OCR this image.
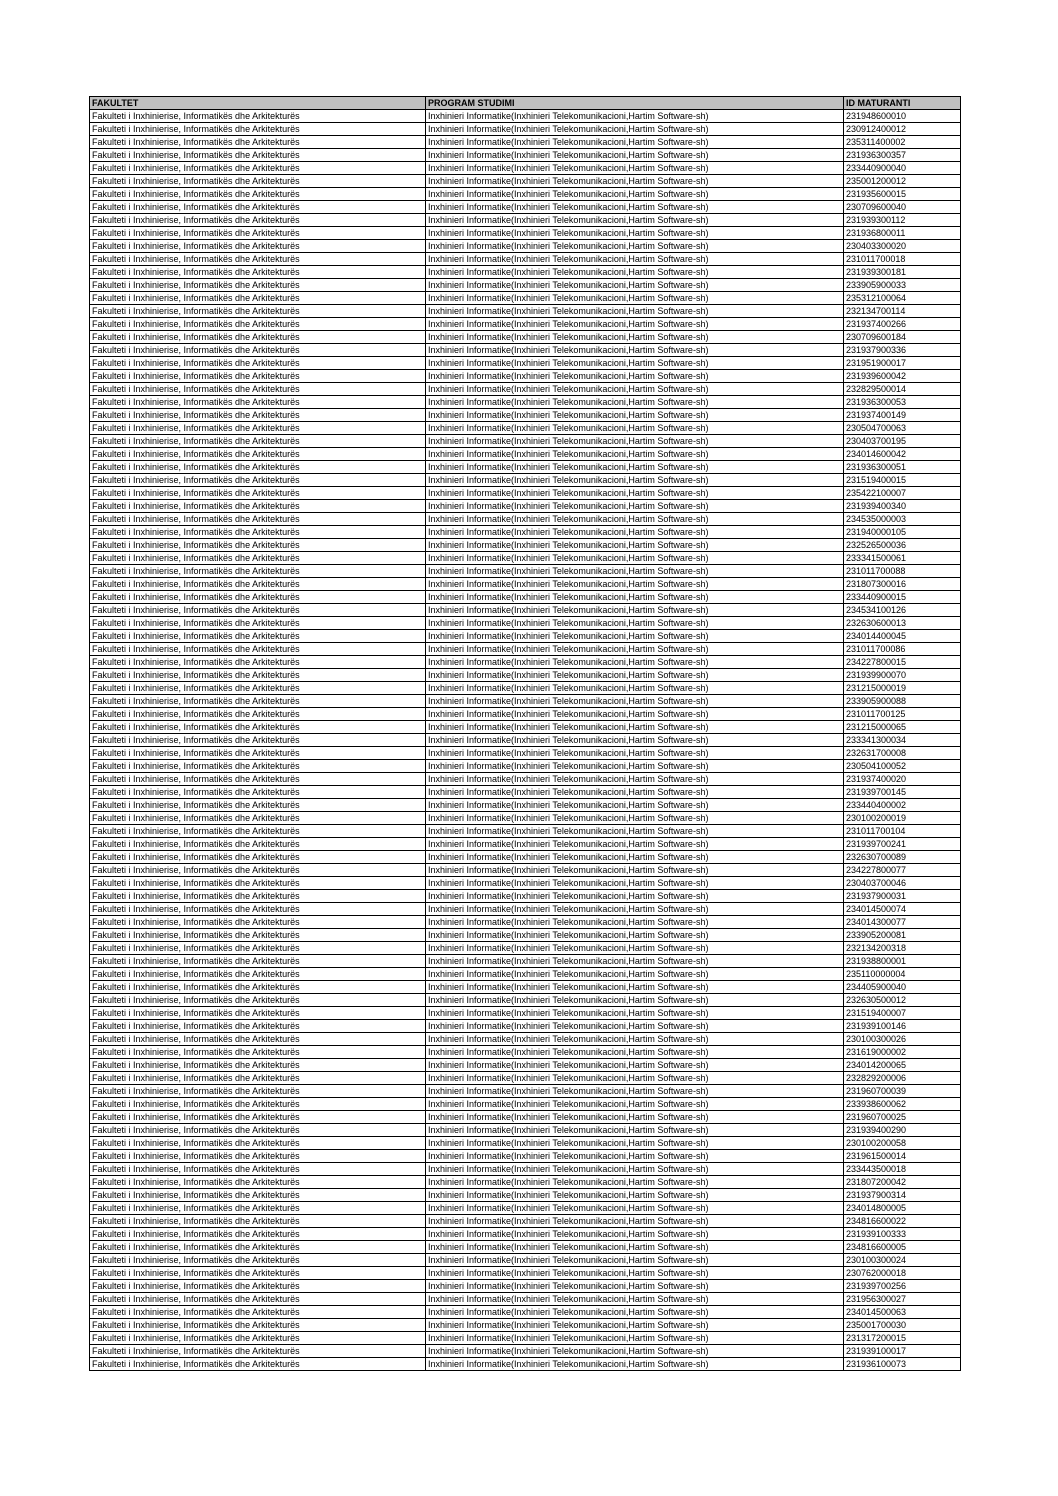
FAKULTET	PROGRAM STUDIMI	ID MATURANTI
Fakulteti i Inxhinierise, Informatikës dhe Arkitekturës	Inxhinieri Informatike(Inxhinieri Telekomunikacioni,Hartim Software-sh)	231948600010
Fakulteti i Inxhinierise, Informatikës dhe Arkitekturës	Inxhinieri Informatike(Inxhinieri Telekomunikacioni,Hartim Software-sh)	230912400012
Fakulteti i Inxhinierise, Informatikës dhe Arkitekturës	Inxhinieri Informatike(Inxhinieri Telekomunikacioni,Hartim Software-sh)	235311400002
Fakulteti i Inxhinierise, Informatikës dhe Arkitekturës	Inxhinieri Informatike(Inxhinieri Telekomunikacioni,Hartim Software-sh)	231936300357
Fakulteti i Inxhinierise, Informatikës dhe Arkitekturës	Inxhinieri Informatike(Inxhinieri Telekomunikacioni,Hartim Software-sh)	233440900040
Fakulteti i Inxhinierise, Informatikës dhe Arkitekturës	Inxhinieri Informatike(Inxhinieri Telekomunikacioni,Hartim Software-sh)	235001200012
Fakulteti i Inxhinierise, Informatikës dhe Arkitekturës	Inxhinieri Informatike(Inxhinieri Telekomunikacioni,Hartim Software-sh)	231935600015
Fakulteti i Inxhinierise, Informatikës dhe Arkitekturës	Inxhinieri Informatike(Inxhinieri Telekomunikacioni,Hartim Software-sh)	230709600040
Fakulteti i Inxhinierise, Informatikës dhe Arkitekturës	Inxhinieri Informatike(Inxhinieri Telekomunikacioni,Hartim Software-sh)	231939300112
Fakulteti i Inxhinierise, Informatikës dhe Arkitekturës	Inxhinieri Informatike(Inxhinieri Telekomunikacioni,Hartim Software-sh)	231936800011
Fakulteti i Inxhinierise, Informatikës dhe Arkitekturës	Inxhinieri Informatike(Inxhinieri Telekomunikacioni,Hartim Software-sh)	230403300020
Fakulteti i Inxhinierise, Informatikës dhe Arkitekturës	Inxhinieri Informatike(Inxhinieri Telekomunikacioni,Hartim Software-sh)	231011700018
Fakulteti i Inxhinierise, Informatikës dhe Arkitekturës	Inxhinieri Informatike(Inxhinieri Telekomunikacioni,Hartim Software-sh)	231939300181
Fakulteti i Inxhinierise, Informatikës dhe Arkitekturës	Inxhinieri Informatike(Inxhinieri Telekomunikacioni,Hartim Software-sh)	233905900033
Fakulteti i Inxhinierise, Informatikës dhe Arkitekturës	Inxhinieri Informatike(Inxhinieri Telekomunikacioni,Hartim Software-sh)	235312100064
Fakulteti i Inxhinierise, Informatikës dhe Arkitekturës	Inxhinieri Informatike(Inxhinieri Telekomunikacioni,Hartim Software-sh)	232134700114
Fakulteti i Inxhinierise, Informatikës dhe Arkitekturës	Inxhinieri Informatike(Inxhinieri Telekomunikacioni,Hartim Software-sh)	231937400266
Fakulteti i Inxhinierise, Informatikës dhe Arkitekturës	Inxhinieri Informatike(Inxhinieri Telekomunikacioni,Hartim Software-sh)	230709600184
Fakulteti i Inxhinierise, Informatikës dhe Arkitekturës	Inxhinieri Informatike(Inxhinieri Telekomunikacioni,Hartim Software-sh)	231937900336
Fakulteti i Inxhinierise, Informatikës dhe Arkitekturës	Inxhinieri Informatike(Inxhinieri Telekomunikacioni,Hartim Software-sh)	231951900017
Fakulteti i Inxhinierise, Informatikës dhe Arkitekturës	Inxhinieri Informatike(Inxhinieri Telekomunikacioni,Hartim Software-sh)	231939600042
Fakulteti i Inxhinierise, Informatikës dhe Arkitekturës	Inxhinieri Informatike(Inxhinieri Telekomunikacioni,Hartim Software-sh)	232829500014
Fakulteti i Inxhinierise, Informatikës dhe Arkitekturës	Inxhinieri Informatike(Inxhinieri Telekomunikacioni,Hartim Software-sh)	231936300053
Fakulteti i Inxhinierise, Informatikës dhe Arkitekturës	Inxhinieri Informatike(Inxhinieri Telekomunikacioni,Hartim Software-sh)	231937400149
Fakulteti i Inxhinierise, Informatikës dhe Arkitekturës	Inxhinieri Informatike(Inxhinieri Telekomunikacioni,Hartim Software-sh)	230504700063
Fakulteti i Inxhinierise, Informatikës dhe Arkitekturës	Inxhinieri Informatike(Inxhinieri Telekomunikacioni,Hartim Software-sh)	230403700195
Fakulteti i Inxhinierise, Informatikës dhe Arkitekturës	Inxhinieri Informatike(Inxhinieri Telekomunikacioni,Hartim Software-sh)	234014600042
Fakulteti i Inxhinierise, Informatikës dhe Arkitekturës	Inxhinieri Informatike(Inxhinieri Telekomunikacioni,Hartim Software-sh)	231936300051
Fakulteti i Inxhinierise, Informatikës dhe Arkitekturës	Inxhinieri Informatike(Inxhinieri Telekomunikacioni,Hartim Software-sh)	231519400015
Fakulteti i Inxhinierise, Informatikës dhe Arkitekturës	Inxhinieri Informatike(Inxhinieri Telekomunikacioni,Hartim Software-sh)	235422100007
Fakulteti i Inxhinierise, Informatikës dhe Arkitekturës	Inxhinieri Informatike(Inxhinieri Telekomunikacioni,Hartim Software-sh)	231939400340
Fakulteti i Inxhinierise, Informatikës dhe Arkitekturës	Inxhinieri Informatike(Inxhinieri Telekomunikacioni,Hartim Software-sh)	234535000003
Fakulteti i Inxhinierise, Informatikës dhe Arkitekturës	Inxhinieri Informatike(Inxhinieri Telekomunikacioni,Hartim Software-sh)	231940000105
Fakulteti i Inxhinierise, Informatikës dhe Arkitekturës	Inxhinieri Informatike(Inxhinieri Telekomunikacioni,Hartim Software-sh)	232526500036
Fakulteti i Inxhinierise, Informatikës dhe Arkitekturës	Inxhinieri Informatike(Inxhinieri Telekomunikacioni,Hartim Software-sh)	233341500061
Fakulteti i Inxhinierise, Informatikës dhe Arkitekturës	Inxhinieri Informatike(Inxhinieri Telekomunikacioni,Hartim Software-sh)	231011700088
Fakulteti i Inxhinierise, Informatikës dhe Arkitekturës	Inxhinieri Informatike(Inxhinieri Telekomunikacioni,Hartim Software-sh)	231807300016
Fakulteti i Inxhinierise, Informatikës dhe Arkitekturës	Inxhinieri Informatike(Inxhinieri Telekomunikacioni,Hartim Software-sh)	233440900015
Fakulteti i Inxhinierise, Informatikës dhe Arkitekturës	Inxhinieri Informatike(Inxhinieri Telekomunikacioni,Hartim Software-sh)	234534100126
Fakulteti i Inxhinierise, Informatikës dhe Arkitekturës	Inxhinieri Informatike(Inxhinieri Telekomunikacioni,Hartim Software-sh)	232630600013
Fakulteti i Inxhinierise, Informatikës dhe Arkitekturës	Inxhinieri Informatike(Inxhinieri Telekomunikacioni,Hartim Software-sh)	234014400045
Fakulteti i Inxhinierise, Informatikës dhe Arkitekturës	Inxhinieri Informatike(Inxhinieri Telekomunikacioni,Hartim Software-sh)	231011700086
Fakulteti i Inxhinierise, Informatikës dhe Arkitekturës	Inxhinieri Informatike(Inxhinieri Telekomunikacioni,Hartim Software-sh)	234227800015
Fakulteti i Inxhinierise, Informatikës dhe Arkitekturës	Inxhinieri Informatike(Inxhinieri Telekomunikacioni,Hartim Software-sh)	231939900070
Fakulteti i Inxhinierise, Informatikës dhe Arkitekturës	Inxhinieri Informatike(Inxhinieri Telekomunikacioni,Hartim Software-sh)	231215000019
Fakulteti i Inxhinierise, Informatikës dhe Arkitekturës	Inxhinieri Informatike(Inxhinieri Telekomunikacioni,Hartim Software-sh)	233905900088
Fakulteti i Inxhinierise, Informatikës dhe Arkitekturës	Inxhinieri Informatike(Inxhinieri Telekomunikacioni,Hartim Software-sh)	231011700125
Fakulteti i Inxhinierise, Informatikës dhe Arkitekturës	Inxhinieri Informatike(Inxhinieri Telekomunikacioni,Hartim Software-sh)	231215000065
Fakulteti i Inxhinierise, Informatikës dhe Arkitekturës	Inxhinieri Informatike(Inxhinieri Telekomunikacioni,Hartim Software-sh)	233341300034
Fakulteti i Inxhinierise, Informatikës dhe Arkitekturës	Inxhinieri Informatike(Inxhinieri Telekomunikacioni,Hartim Software-sh)	232631700008
Fakulteti i Inxhinierise, Informatikës dhe Arkitekturës	Inxhinieri Informatike(Inxhinieri Telekomunikacioni,Hartim Software-sh)	230504100052
Fakulteti i Inxhinierise, Informatikës dhe Arkitekturës	Inxhinieri Informatike(Inxhinieri Telekomunikacioni,Hartim Software-sh)	231937400020
Fakulteti i Inxhinierise, Informatikës dhe Arkitekturës	Inxhinieri Informatike(Inxhinieri Telekomunikacioni,Hartim Software-sh)	231939700145
Fakulteti i Inxhinierise, Informatikës dhe Arkitekturës	Inxhinieri Informatike(Inxhinieri Telekomunikacioni,Hartim Software-sh)	233440400002
Fakulteti i Inxhinierise, Informatikës dhe Arkitekturës	Inxhinieri Informatike(Inxhinieri Telekomunikacioni,Hartim Software-sh)	230100200019
Fakulteti i Inxhinierise, Informatikës dhe Arkitekturës	Inxhinieri Informatike(Inxhinieri Telekomunikacioni,Hartim Software-sh)	231011700104
Fakulteti i Inxhinierise, Informatikës dhe Arkitekturës	Inxhinieri Informatike(Inxhinieri Telekomunikacioni,Hartim Software-sh)	231939700241
Fakulteti i Inxhinierise, Informatikës dhe Arkitekturës	Inxhinieri Informatike(Inxhinieri Telekomunikacioni,Hartim Software-sh)	232630700089
Fakulteti i Inxhinierise, Informatikës dhe Arkitekturës	Inxhinieri Informatike(Inxhinieri Telekomunikacioni,Hartim Software-sh)	234227800077
Fakulteti i Inxhinierise, Informatikës dhe Arkitekturës	Inxhinieri Informatike(Inxhinieri Telekomunikacioni,Hartim Software-sh)	230403700046
Fakulteti i Inxhinierise, Informatikës dhe Arkitekturës	Inxhinieri Informatike(Inxhinieri Telekomunikacioni,Hartim Software-sh)	231937900031
Fakulteti i Inxhinierise, Informatikës dhe Arkitekturës	Inxhinieri Informatike(Inxhinieri Telekomunikacioni,Hartim Software-sh)	234014500074
Fakulteti i Inxhinierise, Informatikës dhe Arkitekturës	Inxhinieri Informatike(Inxhinieri Telekomunikacioni,Hartim Software-sh)	234014300077
Fakulteti i Inxhinierise, Informatikës dhe Arkitekturës	Inxhinieri Informatike(Inxhinieri Telekomunikacioni,Hartim Software-sh)	233905200081
Fakulteti i Inxhinierise, Informatikës dhe Arkitekturës	Inxhinieri Informatike(Inxhinieri Telekomunikacioni,Hartim Software-sh)	232134200318
Fakulteti i Inxhinierise, Informatikës dhe Arkitekturës	Inxhinieri Informatike(Inxhinieri Telekomunikacioni,Hartim Software-sh)	231938800001
Fakulteti i Inxhinierise, Informatikës dhe Arkitekturës	Inxhinieri Informatike(Inxhinieri Telekomunikacioni,Hartim Software-sh)	235110000004
Fakulteti i Inxhinierise, Informatikës dhe Arkitekturës	Inxhinieri Informatike(Inxhinieri Telekomunikacioni,Hartim Software-sh)	234405900040
Fakulteti i Inxhinierise, Informatikës dhe Arkitekturës	Inxhinieri Informatike(Inxhinieri Telekomunikacioni,Hartim Software-sh)	232630500012
Fakulteti i Inxhinierise, Informatikës dhe Arkitekturës	Inxhinieri Informatike(Inxhinieri Telekomunikacioni,Hartim Software-sh)	231519400007
Fakulteti i Inxhinierise, Informatikës dhe Arkitekturës	Inxhinieri Informatike(Inxhinieri Telekomunikacioni,Hartim Software-sh)	231939100146
Fakulteti i Inxhinierise, Informatikës dhe Arkitekturës	Inxhinieri Informatike(Inxhinieri Telekomunikacioni,Hartim Software-sh)	230100300026
Fakulteti i Inxhinierise, Informatikës dhe Arkitekturës	Inxhinieri Informatike(Inxhinieri Telekomunikacioni,Hartim Software-sh)	231619000002
Fakulteti i Inxhinierise, Informatikës dhe Arkitekturës	Inxhinieri Informatike(Inxhinieri Telekomunikacioni,Hartim Software-sh)	234014200065
Fakulteti i Inxhinierise, Informatikës dhe Arkitekturës	Inxhinieri Informatike(Inxhinieri Telekomunikacioni,Hartim Software-sh)	232829200006
Fakulteti i Inxhinierise, Informatikës dhe Arkitekturës	Inxhinieri Informatike(Inxhinieri Telekomunikacioni,Hartim Software-sh)	231960700039
Fakulteti i Inxhinierise, Informatikës dhe Arkitekturës	Inxhinieri Informatike(Inxhinieri Telekomunikacioni,Hartim Software-sh)	233938600062
Fakulteti i Inxhinierise, Informatikës dhe Arkitekturës	Inxhinieri Informatike(Inxhinieri Telekomunikacioni,Hartim Software-sh)	231960700025
Fakulteti i Inxhinierise, Informatikës dhe Arkitekturës	Inxhinieri Informatike(Inxhinieri Telekomunikacioni,Hartim Software-sh)	231939400290
Fakulteti i Inxhinierise, Informatikës dhe Arkitekturës	Inxhinieri Informatike(Inxhinieri Telekomunikacioni,Hartim Software-sh)	230100200058
Fakulteti i Inxhinierise, Informatikës dhe Arkitekturës	Inxhinieri Informatike(Inxhinieri Telekomunikacioni,Hartim Software-sh)	231961500014
Fakulteti i Inxhinierise, Informatikës dhe Arkitekturës	Inxhinieri Informatike(Inxhinieri Telekomunikacioni,Hartim Software-sh)	233443500018
Fakulteti i Inxhinierise, Informatikës dhe Arkitekturës	Inxhinieri Informatike(Inxhinieri Telekomunikacioni,Hartim Software-sh)	231807200042
Fakulteti i Inxhinierise, Informatikës dhe Arkitekturës	Inxhinieri Informatike(Inxhinieri Telekomunikacioni,Hartim Software-sh)	231937900314
Fakulteti i Inxhinierise, Informatikës dhe Arkitekturës	Inxhinieri Informatike(Inxhinieri Telekomunikacioni,Hartim Software-sh)	234014800005
Fakulteti i Inxhinierise, Informatikës dhe Arkitekturës	Inxhinieri Informatike(Inxhinieri Telekomunikacioni,Hartim Software-sh)	234816600022
Fakulteti i Inxhinierise, Informatikës dhe Arkitekturës	Inxhinieri Informatike(Inxhinieri Telekomunikacioni,Hartim Software-sh)	231939100333
Fakulteti i Inxhinierise, Informatikës dhe Arkitekturës	Inxhinieri Informatike(Inxhinieri Telekomunikacioni,Hartim Software-sh)	234816600005
Fakulteti i Inxhinierise, Informatikës dhe Arkitekturës	Inxhinieri Informatike(Inxhinieri Telekomunikacioni,Hartim Software-sh)	230100300024
Fakulteti i Inxhinierise, Informatikës dhe Arkitekturës	Inxhinieri Informatike(Inxhinieri Telekomunikacioni,Hartim Software-sh)	230762000018
Fakulteti i Inxhinierise, Informatikës dhe Arkitekturës	Inxhinieri Informatike(Inxhinieri Telekomunikacioni,Hartim Software-sh)	231939700256
Fakulteti i Inxhinierise, Informatikës dhe Arkitekturës	Inxhinieri Informatike(Inxhinieri Telekomunikacioni,Hartim Software-sh)	231956300027
Fakulteti i Inxhinierise, Informatikës dhe Arkitekturës	Inxhinieri Informatike(Inxhinieri Telekomunikacioni,Hartim Software-sh)	234014500063
Fakulteti i Inxhinierise, Informatikës dhe Arkitekturës	Inxhinieri Informatike(Inxhinieri Telekomunikacioni,Hartim Software-sh)	235001700030
Fakulteti i Inxhinierise, Informatikës dhe Arkitekturës	Inxhinieri Informatike(Inxhinieri Telekomunikacioni,Hartim Software-sh)	231317200015
Fakulteti i Inxhinierise, Informatikës dhe Arkitekturës	Inxhinieri Informatike(Inxhinieri Telekomunikacioni,Hartim Software-sh)	231939100017
Fakulteti i Inxhinierise, Informatikës dhe Arkitekturës	Inxhinieri Informatike(Inxhinieri Telekomunikacioni,Hartim Software-sh)	231936100073
